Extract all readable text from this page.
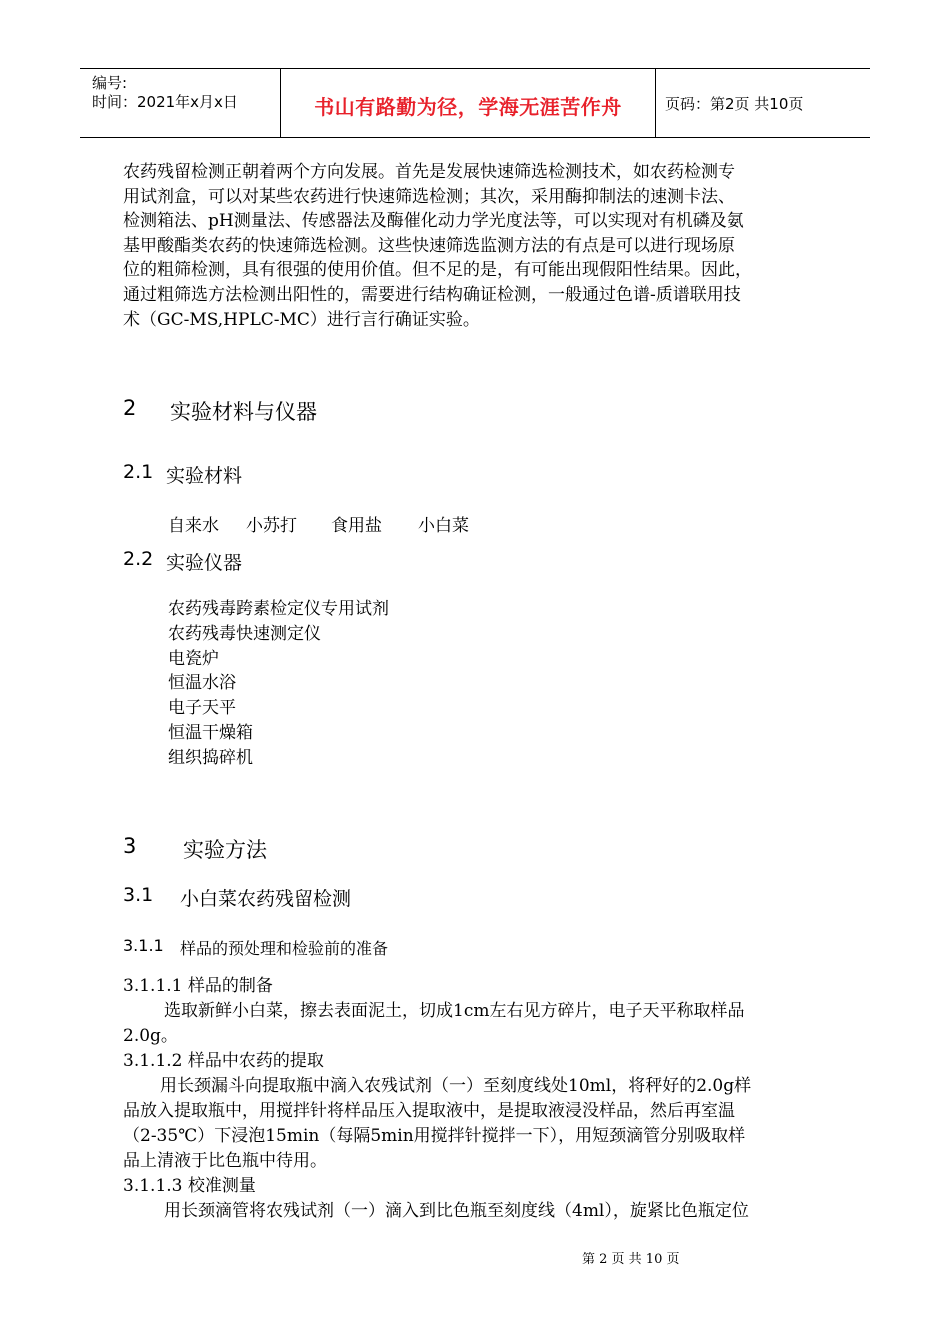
编号:
时间：2021年x月x日	书山有路勤为径，学海无涯苦作舟	页码：第2页 共10页
农药残留检测正朝着两个方向发展。首先是发展快速筛选检测技术，如农药检测专
用试剂盒，可以对某些农药进行快速筛选检测；其次，采用酶抑制法的速测卡法、
检测箱法、pH测量法、传感器法及酶催化动力学光度法等，可以实现对有机磷及氨
基甲酸酯类农药的快速筛选检测。这些快速筛选监测方法的有点是可以进行现场原
位的粗筛检测，具有很强的使用价值。但不足的是，有可能出现假阳性结果。因此，
通过粗筛选方法检测出阳性的，需要进行结构确证检测，一般通过色谱-质谱联用技
术（GC-MS,HPLC-MC）进行言行确证实验。
2 实验材料与仪器
2.1 实验材料
自来水 小苏打 食用盐 小白菜
2.2 实验仪器
农药残毒跨素检定仪专用试剂
农药残毒快速测定仪
电瓷炉
恒温水浴
电子天平
恒温干燥箱
组织捣碎机
3 实验方法
3.1 小白菜农药残留检测
3.1.1 样品的预处理和检验前的准备
3.1.1.1 样品的制备
选取新鲜小白菜，擦去表面泥土，切成1cm左右见方碎片，电子天平称取样品
2.0g。
3.1.1.2 样品中农药的提取
用长颈漏斗向提取瓶中滴入农残试剂（一）至刻度线处10ml，将秤好的2.0g样
品放入提取瓶中，用搅拌针将样品压入提取液中，是提取液浸没样品，然后再室温
（2-35℃）下浸泡15min（每隔5min用搅拌针搅拌一下），用短颈滴管分别吸取样
品上清液于比色瓶中待用。
3.1.1.3 校准测量
用长颈滴管将农残试剂（一）滴入到比色瓶至刻度线（4ml），旋紧比色瓶定位
第 2 页 共 10 页
